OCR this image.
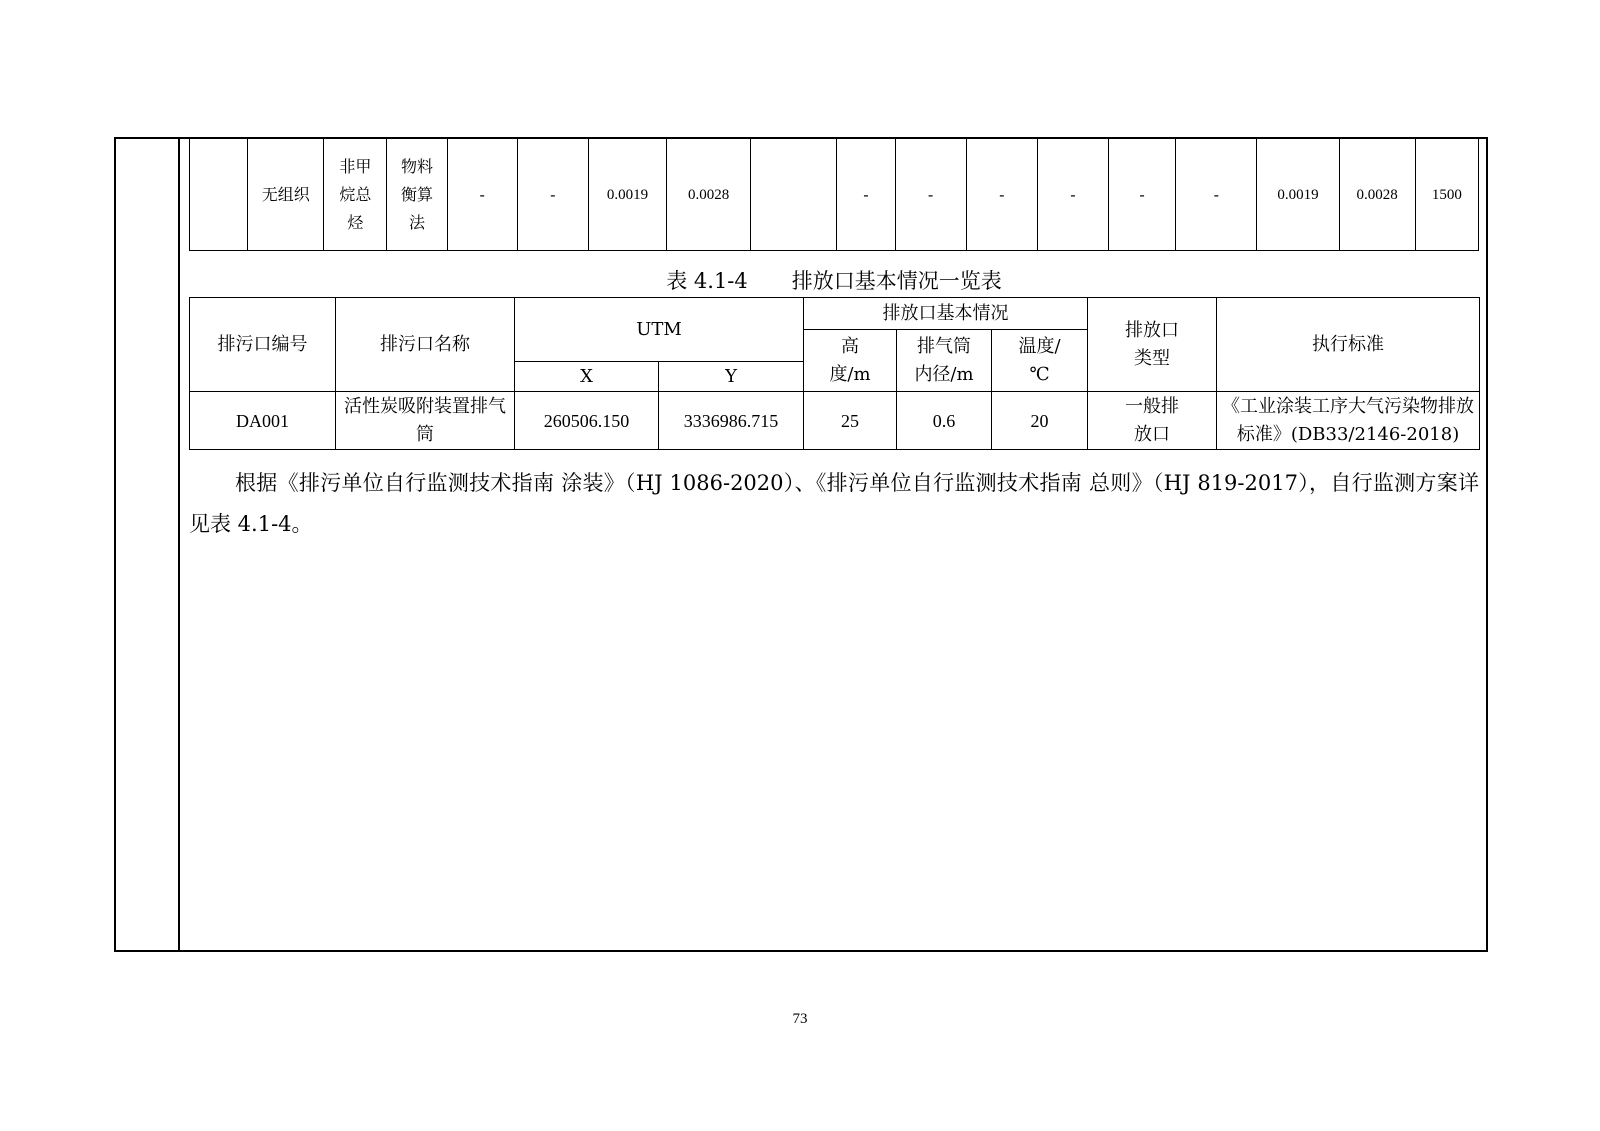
	无组织	非甲烷总烃	物料衡算法	-	-	0.0019	0.0028		-	-	-	-	-	-	0.0019	0.0028	1500
表 4.1-4 排放口基本情况一览表
排污口编号	排污口名称	UTM		排放口基本情况			排放口类型	执行标准
				高度/m	排气筒内径/m	温度/℃		
		X	Y					
DA001	活性炭吸附装置排气筒	260506.150	3336986.715	25	0.6	20	一般排放口	《工业涂装工序大气污染物排放标准》(DB33/2146-2018)

根据《排污单位自行监测技术指南 涂装》（HJ 1086-2020）、《排污单位自行监测技术指南 总则》（HJ 819-2017），自行监测方案详见表 4.1-4。

73
